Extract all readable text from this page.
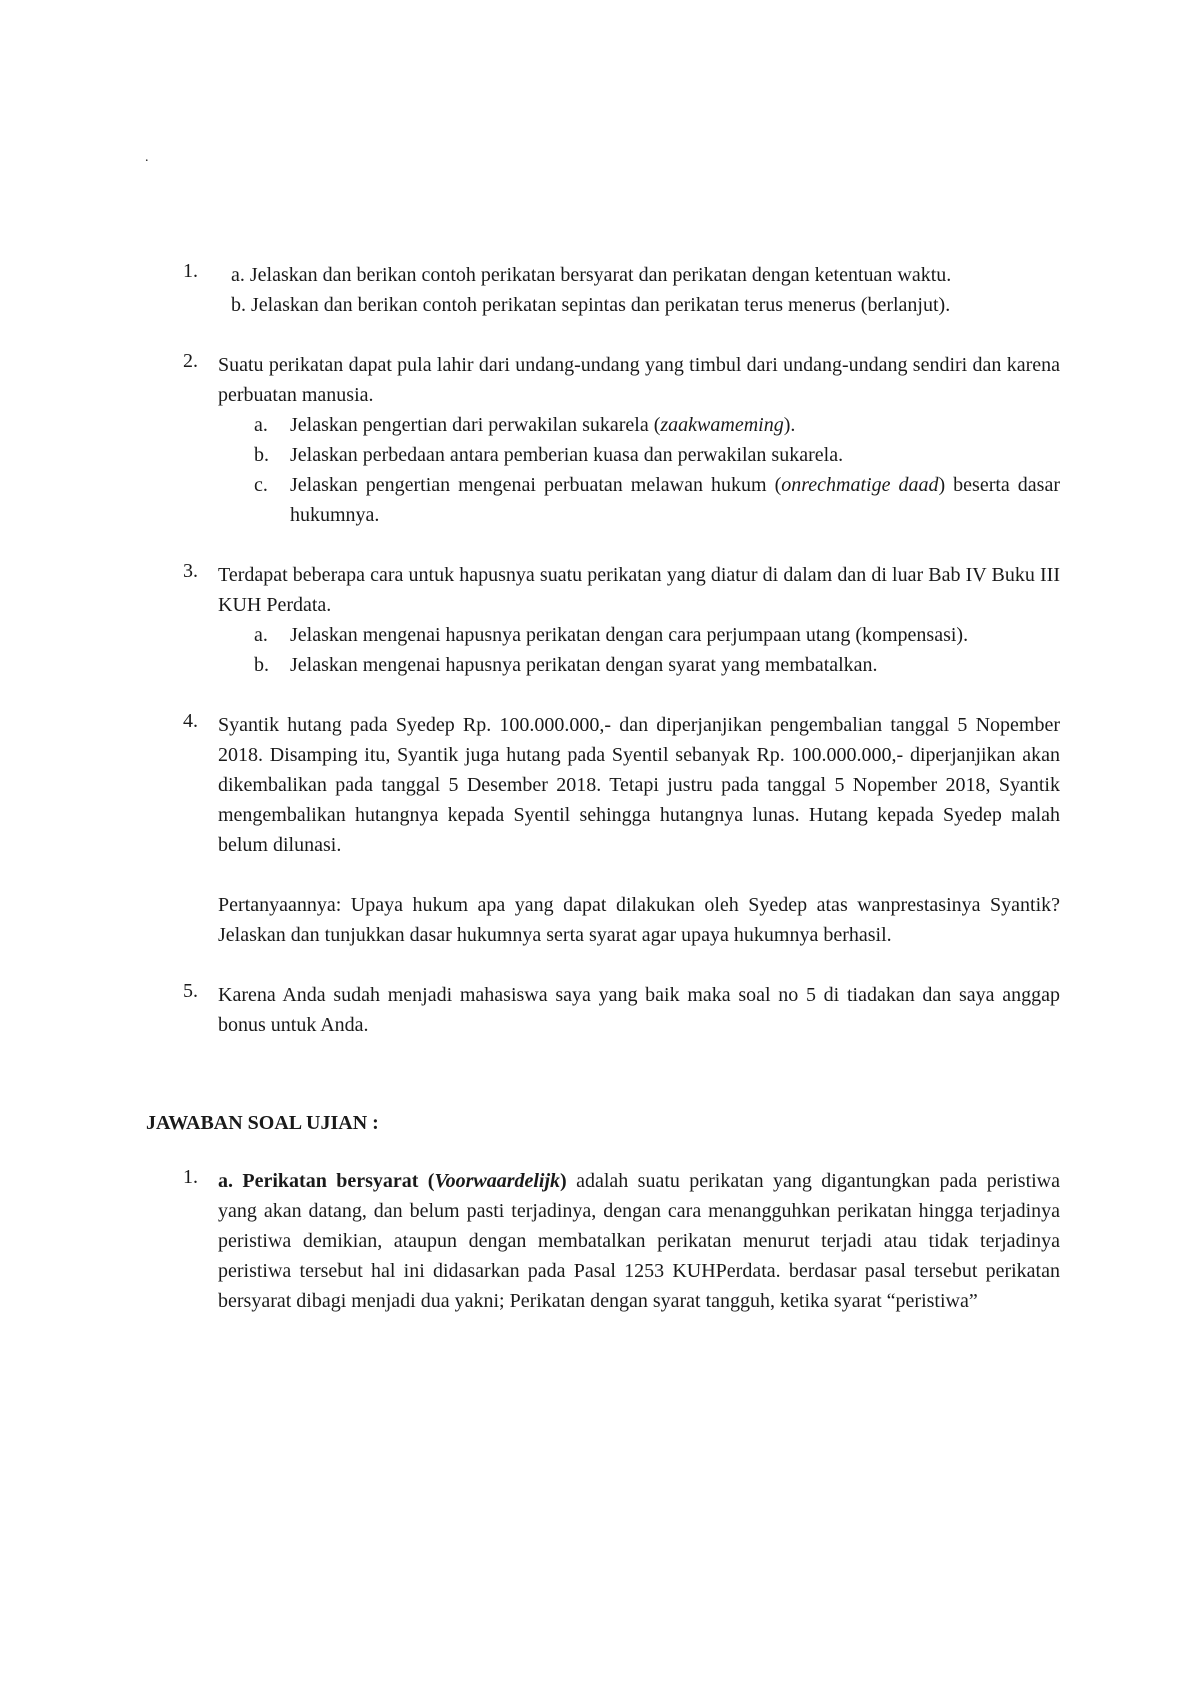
.
1.	a. Jelaskan dan berikan contoh perikatan bersyarat dan perikatan dengan ketentuan waktu.
b. Jelaskan dan berikan contoh perikatan sepintas dan perikatan terus menerus (berlanjut).
2. Suatu perikatan dapat pula lahir dari undang-undang yang timbul dari undang-undang sendiri dan karena perbuatan manusia.
a. Jelaskan pengertian dari perwakilan sukarela (zaakwameming).
b. Jelaskan perbedaan antara pemberian kuasa dan perwakilan sukarela.
c. Jelaskan pengertian mengenai perbuatan melawan hukum (onrechmatige daad) beserta dasar hukumnya.
3. Terdapat beberapa cara untuk hapusnya suatu perikatan yang diatur di dalam dan di luar Bab IV Buku III KUH Perdata.
a. Jelaskan mengenai hapusnya perikatan dengan cara perjumpaan utang (kompensasi).
b. Jelaskan mengenai hapusnya perikatan dengan syarat yang membatalkan.
4. Syantik hutang pada Syedep Rp. 100.000.000,- dan diperjanjikan pengembalian tanggal 5 Nopember 2018. Disamping itu, Syantik juga hutang pada Syentil sebanyak Rp. 100.000.000,- diperjanjikan akan dikembalikan pada tanggal 5 Desember 2018. Tetapi justru pada tanggal 5 Nopember 2018, Syantik mengembalikan hutangnya kepada Syentil sehingga hutangnya lunas. Hutang kepada Syedep malah belum dilunasi.
Pertanyaannya: Upaya hukum apa yang dapat dilakukan oleh Syedep atas wanprestasinya Syantik? Jelaskan dan tunjukkan dasar hukumnya serta syarat agar upaya hukumnya berhasil.
5. Karena Anda sudah menjadi mahasiswa saya yang baik maka soal no 5 di tiadakan dan saya anggap bonus untuk Anda.
JAWABAN SOAL UJIAN :
1. a. Perikatan bersyarat (Voorwaardelijk) adalah suatu perikatan yang digantungkan pada peristiwa yang akan datang, dan belum pasti terjadinya, dengan cara menangguhkan perikatan hingga terjadinya peristiwa demikian, ataupun dengan membatalkan perikatan menurut terjadi atau tidak terjadinya peristiwa tersebut hal ini didasarkan pada Pasal 1253 KUHPerdata. berdasar pasal tersebut perikatan bersyarat dibagi menjadi dua yakni; Perikatan dengan syarat tangguh, ketika syarat “peristiwa”
